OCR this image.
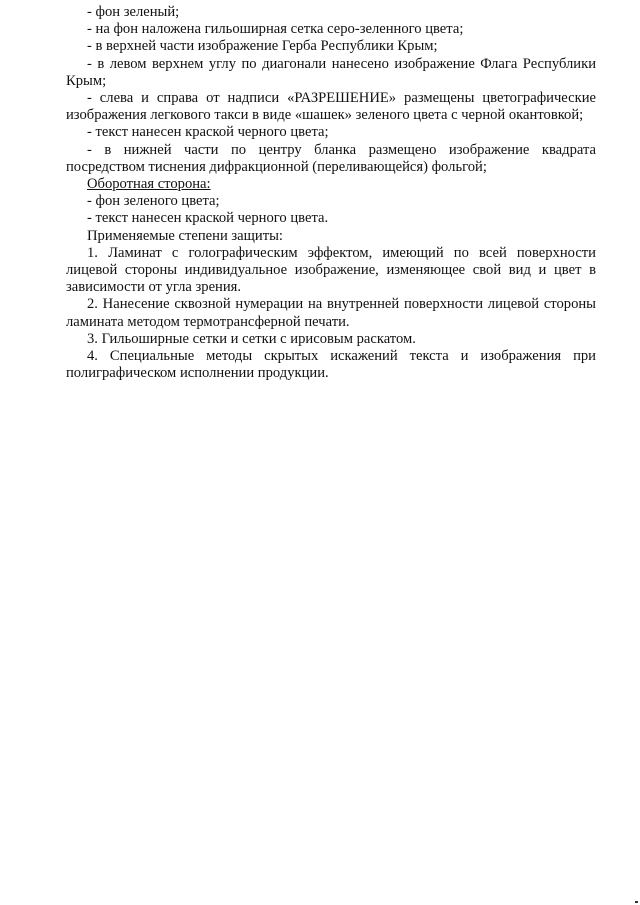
- фон зеленый;

- на фон наложена гильоширная сетка серо-зеленного цвета;

- в верхней части изображение Герба Республики Крым;

- в левом верхнем углу по диагонали нанесено изображение Флага Республики Крым;

- слева и справа от надписи «РАЗРЕШЕНИЕ» размещены цветографические изображения легкового такси в виде «шашек» зеленого цвета с черной окантовкой;

- текст нанесен краской черного цвета;

- в нижней части по центру бланка размещено изображение квадрата посредством тиснения дифракционной (переливающейся) фольгой;

Оборотная сторона:

- фон зеленого цвета;

- текст нанесен краской черного цвета.

Применяемые степени защиты:

1. Ламинат с голографическим эффектом, имеющий по всей поверхности лицевой стороны индивидуальное изображение, изменяющее свой вид и цвет в зависимости от угла зрения.

2. Нанесение сквозной нумерации на внутренней поверхности лицевой стороны ламината методом термотрансферной печати.

3. Гильоширные сетки и сетки с ирисовым раскатом.

4. Специальные методы скрытых искажений текста и изображения при полиграфическом исполнении продукции.
